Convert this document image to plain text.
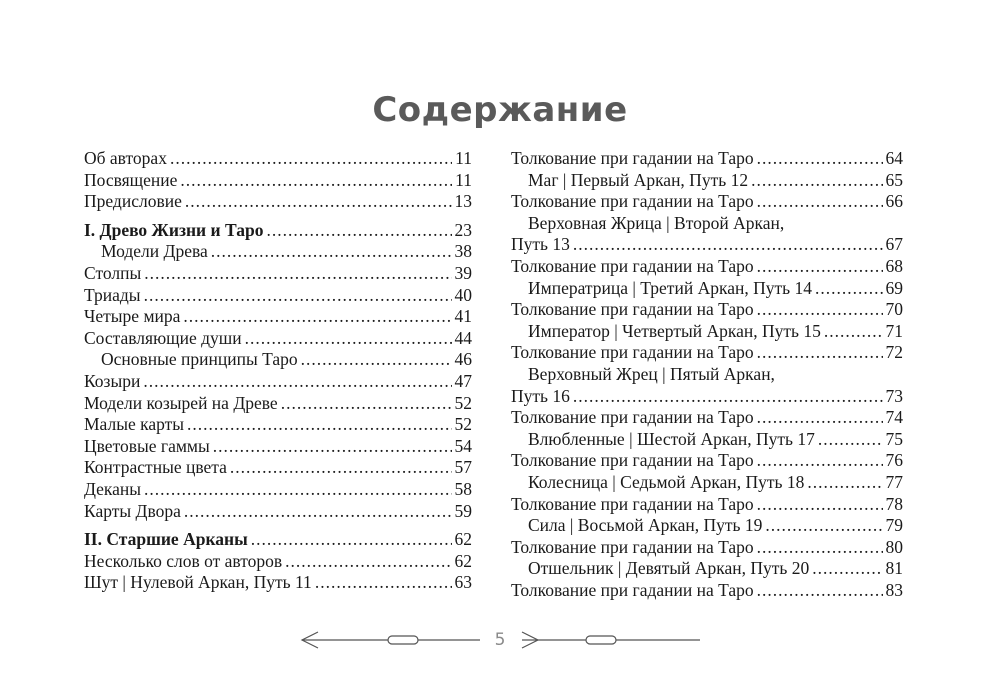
Содержание
Об авторах .....	11
Посвящение .....	11
Предисловие .....	13
I. Древо Жизни и Таро .....	23
Модели Древа .....	38
Столпы .....	39
Триады .....	40
Четыре мира .....	41
Составляющие души .....	44
Основные принципы Таро .....	46
Козыри .....	47
Модели козырей на Древе .....	52
Малые карты .....	52
Цветовые гаммы .....	54
Контрастные цвета .....	57
Деканы .....	58
Карты Двора .....	59
II. Старшие Арканы .....	62
Несколько слов от авторов .....	62
Шут | Нулевой Аркан, Путь 11 .....	63
Толкование при гадании на Таро .....	64
Маг | Первый Аркан, Путь 12 .....	65
Толкование при гадании на Таро .....	66
Верховная Жрица | Второй Аркан,
Путь 13 .....	67
Толкование при гадании на Таро .....	68
Императрица | Третий Аркан, Путь 14 .....	69
Толкование при гадании на Таро .....	70
Император | Четвертый Аркан, Путь 15 .....	71
Толкование при гадании на Таро .....	72
Верховный Жрец | Пятый Аркан,
Путь 16 .....	73
Толкование при гадании на Таро .....	74
Влюбленные | Шестой Аркан, Путь 17 .....	75
Толкование при гадании на Таро .....	76
Колесница | Седьмой Аркан, Путь 18 .....	77
Толкование при гадании на Таро .....	78
Сила | Восьмой Аркан, Путь 19 .....	79
Толкование при гадании на Таро .....	80
Отшельник | Девятый Аркан, Путь 20 .....	81
Толкование при гадании на Таро .....	83
5
